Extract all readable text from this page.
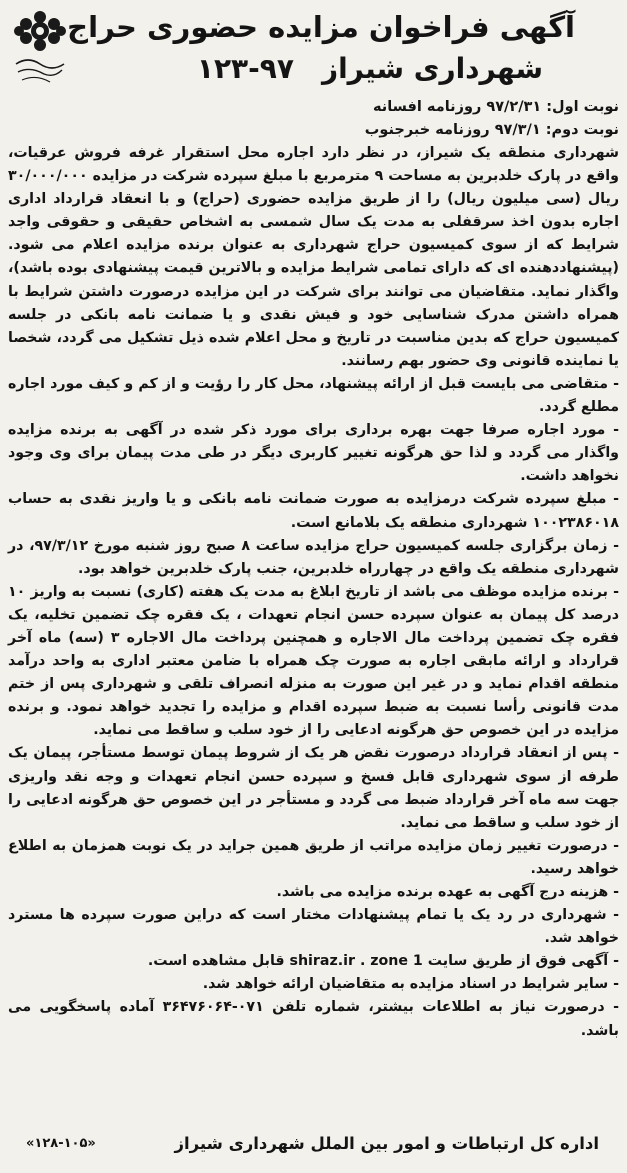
آگهی فراخوان مزایده حضوری حراج
شهرداری شیراز۹۷-۱۲۳
نوبت اول: ۹۷/۲/۳۱ روزنامه افسانه
نوبت دوم: ۹۷/۳/۱ روزنامه خبرجنوب

شهرداری منطقه یک شیراز، در نظر دارد اجاره محل استقرار غرفه فروش عرقیات، واقع در پارک خلدبرین به مساحت ۹ مترمربع با مبلغ سپرده شرکت در مزایده ۳۰/۰۰۰/۰۰۰ ریال (سی میلیون ریال) را از طریق مزایده حضوری (حراج) و با انعقاد قرارداد اداری اجاره بدون اخذ سرقفلی به مدت یک سال شمسی به اشخاص حقیقی و حقوقی واجد شرایط که از سوی کمیسیون حراج شهرداری به عنوان برنده مزایده اعلام می شود. (پیشنهاددهنده ای که دارای تمامی شرایط مزایده و بالاترین قیمت پیشنهادی بوده باشد)، واگذار نماید. متقاضیان می توانند برای شرکت در این مزایده درصورت داشتن شرایط با همراه داشتن مدرک شناسایی خود و فیش نقدی و یا ضمانت نامه بانکی در جلسه کمیسیون حراج که بدین مناسبت در تاریخ و محل اعلام شده ذیل تشکیل می گردد، شخصا یا نماینده قانونی وی حضور بهم رسانند.

- متقاضی می بایست قبل از ارائه پیشنهاد، محل کار را رؤیت و از کم و کیف مورد اجاره مطلع گردد.

- مورد اجاره صرفا جهت بهره برداری برای مورد ذکر شده در آگهی به برنده مزایده واگذار می گردد و لذا حق هرگونه تغییر کاربری دیگر در طی مدت پیمان برای وی وجود نخواهد داشت.

- مبلغ سپرده شرکت درمزایده به صورت ضمانت نامه بانکی و یا واریز نقدی به حساب ۱۰۰۲۳۸۶۰۱۸ شهرداری منطقه یک بلامانع است.

- زمان برگزاری جلسه کمیسیون حراج مزایده ساعت ۸ صبح روز شنبه مورخ ۹۷/۳/۱۲، در شهرداری منطقه یک واقع در چهارراه خلدبرین، جنب پارک خلدبرین خواهد بود.

- برنده مزایده موظف می باشد از تاریخ ابلاغ به مدت یک هفته (کاری) نسبت به واریز ۱۰ درصد کل پیمان به عنوان سپرده حسن انجام تعهدات ، یک فقره چک تضمین تخلیه، یک فقره چک تضمین پرداخت مال الاجاره و همچنین پرداخت مال الاجاره ۳ (سه) ماه آخر قرارداد و ارائه مابقی اجاره به صورت چک همراه با ضامن معتبر اداری به واحد درآمد منطقه اقدام نماید و در غیر این صورت به منزله انصراف تلقی و شهرداری پس از ختم مدت قانونی رأسا نسبت به ضبط سپرده اقدام و مزایده را تجدید خواهد نمود. و برنده مزایده در این خصوص حق هرگونه ادعایی را از خود سلب و ساقط می نماید.

- پس از انعقاد قرارداد درصورت نقض هر یک از شروط پیمان توسط مستأجر، پیمان یک طرفه از سوی شهرداری قابل فسخ و سپرده حسن انجام تعهدات و وجه نقد واریزی جهت سه ماه آخر قرارداد ضبط می گردد و مستأجر در این خصوص حق هرگونه ادعایی را از خود سلب و ساقط می نماید.

- درصورت تغییر زمان مزایده مراتب از طریق همین جراید در یک نوبت همزمان به اطلاع خواهد رسید.

- هزینه درج آگهی به عهده برنده مزایده می باشد.

- شهرداری در رد یک یا تمام پیشنهادات مختار است که دراین صورت سپرده ها مسترد خواهد شد.

- آگهی فوق از طریق سایت shiraz.ir . zone 1 قابل مشاهده است.

- سایر شرایط در اسناد مزایده به متقاضیان ارائه خواهد شد.

- درصورت نیاز به اطلاعات بیشتر، شماره تلفن ۰۷۱-۳۶۴۷۶۰۶۴ آماده پاسخگویی می باشد.

اداره کل ارتباطات و امور بین الملل شهرداری شیراز
«۱۲۸-۱۰۵»
